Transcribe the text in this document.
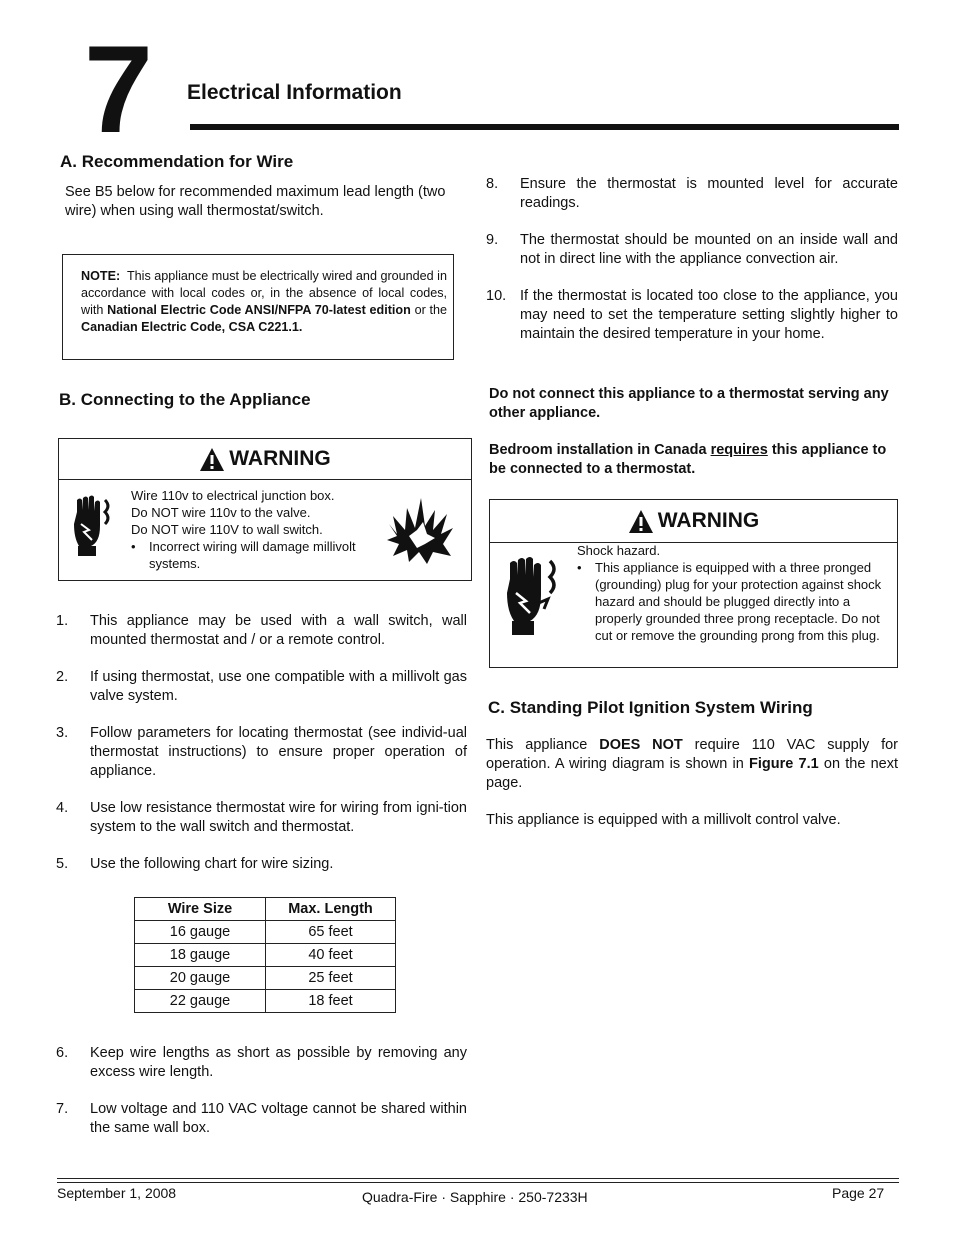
7 Electrical Information
A. Recommendation for Wire
See B5 below for recommended maximum lead length (two wire) when using wall thermostat/switch.
NOTE: This appliance must be electrically wired and grounded in accordance with local codes or, in the absence of local codes, with National Electric Code ANSI/NFPA 70-latest edition or the Canadian Electric Code, CSA C221.1.
B. Connecting to the Appliance
WARNING
Wire 110v to electrical junction box.
Do NOT wire 110v to the valve.
Do NOT wire 110V to wall switch.
•	Incorrect wiring will damage millivolt systems.
1.	This appliance may be used with a wall switch, wall mounted thermostat and / or a remote control.
2.	If using thermostat, use one compatible with a millivolt gas valve system.
3.	Follow parameters for locating thermostat (see individ-ual thermostat instructions) to ensure proper operation of appliance.
4.	Use low resistance thermostat wire for wiring from igni-tion system to the wall switch and thermostat.
5.	Use the following chart for wire sizing.
Wire Size	Max. Length
16 gauge	65 feet
18 gauge	40 feet
20 gauge	25 feet
22 gauge	18 feet
6.	Keep wire lengths as short as possible by removing any excess wire length.
7.	Low voltage and 110 VAC voltage cannot be shared within the same wall box.
8.	Ensure the thermostat is mounted level for accurate readings.
9.	The thermostat should be mounted on an inside wall and not in direct line with the appliance convection air.
10. If the thermostat is located too close to the appliance, you may need to set the temperature setting slightly higher to maintain the desired temperature in your home.
Do not connect this appliance to a thermostat serving any other appliance.
Bedroom installation in Canada requires this appliance to be connected to a thermostat.
WARNING
Shock hazard.
•	This appliance is equipped with a three pronged (grounding) plug for your protection against shock hazard and should be plugged directly into a properly grounded three prong receptacle. Do not cut or remove the grounding prong from this plug.
C. Standing Pilot Ignition System Wiring
This appliance DOES NOT require 110 VAC supply for operation. A wiring diagram is shown in Figure 7.1 on the next page.
This appliance is equipped with a millivolt control valve.
September 1, 2008	Quadra-Fire · Sapphire · 250-7233H	Page 27
